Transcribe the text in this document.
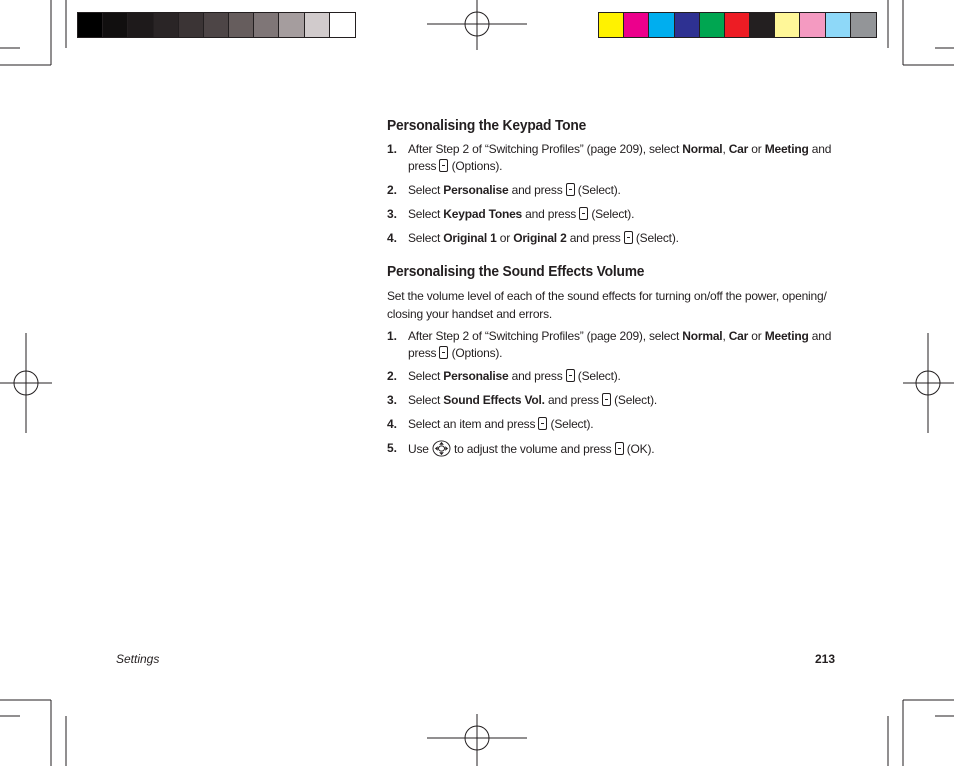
Personalising the Keypad Tone
1. After Step 2 of “Switching Profiles” (page 209), select Normal, Car or Meeting and press  (Options).
2. Select Personalise and press  (Select).
3. Select Keypad Tones and press  (Select).
4. Select Original 1 or Original 2 and press  (Select).
Personalising the Sound Effects Volume
Set the volume level of each of the sound effects for turning on/off the power, opening/ closing your handset and errors.
1. After Step 2 of “Switching Profiles” (page 209), select Normal, Car or Meeting and press  (Options).
2. Select Personalise and press  (Select).
3. Select Sound Effects Vol. and press  (Select).
4. Select an item and press  (Select).
5. Use  to adjust the volume and press  (OK).
Settings	213
